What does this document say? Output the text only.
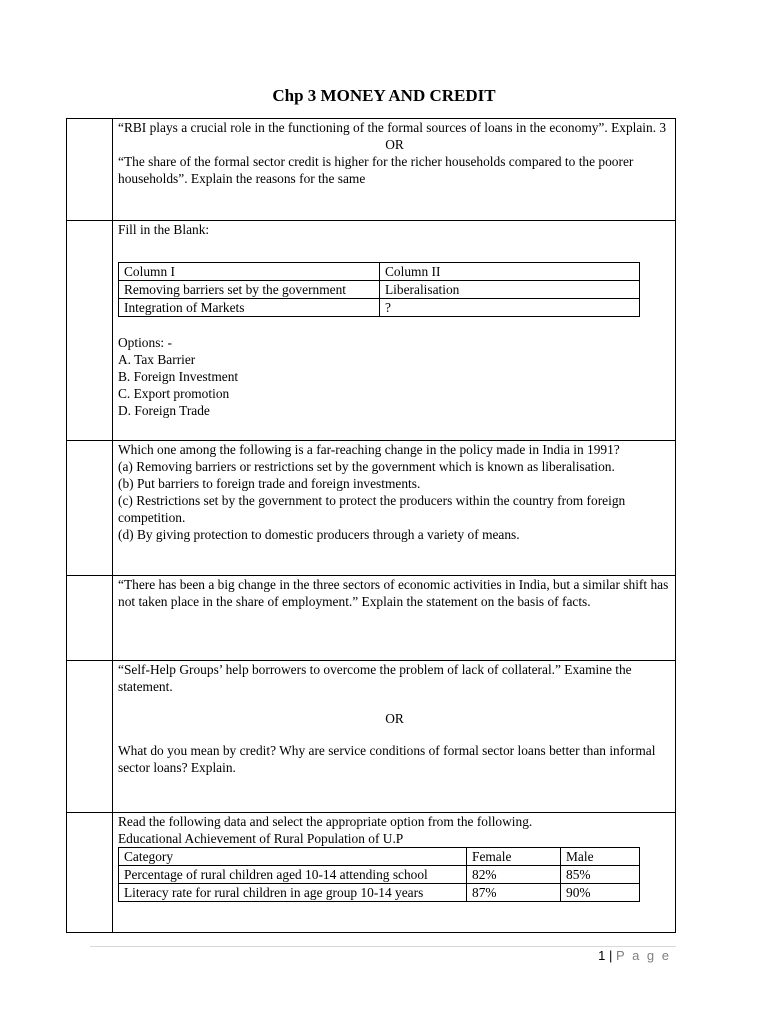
Chp 3 MONEY AND CREDIT

“RBI plays a crucial role in the functioning of the formal sources of loans in the economy”. Explain. 3

OR

“The share of the formal sector credit is higher for the richer households compared to the poorer households”. Explain the reasons for the same

Fill in the Blank:

Column I	Column II
Removing barriers set by the government	Liberalisation
Integration of Markets	?

Options: -

A. Tax Barrier

B. Foreign Investment

C. Export promotion

D. Foreign Trade

Which one among the following is a far-reaching change in the policy made in India in 1991?

(a) Removing barriers or restrictions set by the government which is known as liberalisation.

(b) Put barriers to foreign trade and foreign investments.

(c) Restrictions set by the government to protect the producers within the country from foreign competition.

(d) By giving protection to domestic producers through a variety of means.

“There has been a big change in the three sectors of economic activities in India, but a similar shift has not taken place in the share of employment.” Explain the statement on the basis of facts.

“Self-Help Groups’ help borrowers to overcome the problem of lack of collateral.” Examine the statement.

OR

What do you mean by credit? Why are service conditions of formal sector loans better than informal sector loans? Explain.

Read the following data and select the appropriate option from the following.

Educational Achievement of Rural Population of U.P

Category	Female	Male
Percentage of rural children aged 10-14 attending school	82%	85%
Literacy rate for rural children in age group 10-14 years	87%	90%
1 | P a g e
